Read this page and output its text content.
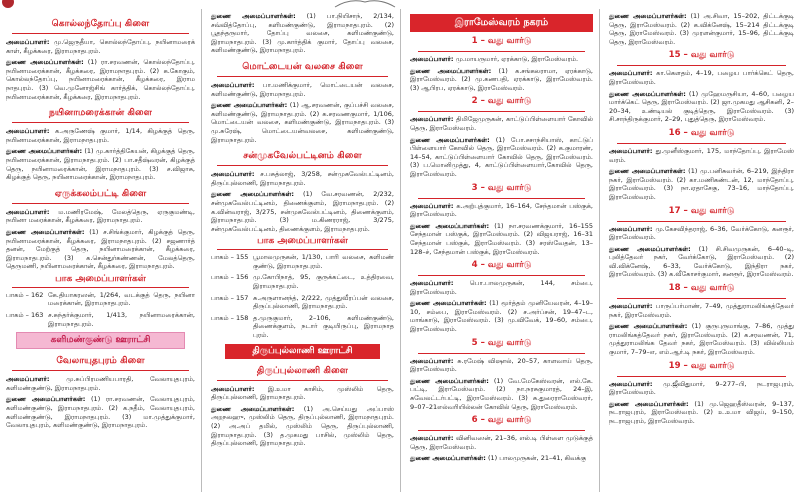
கொல்லந்தோப்பு கிளை

அமைப்பாளர்: மு.ஜெருதீயா, கொல்லந்தோப்பு, நயினாமரைக் காள், கீழக்கரை, இராமநாதபுரம்.

துணை அமைப்பாளர்கள்: (1) ரா.சரவணன், கொல்லந்தோப்பு, நயினாமரைக்கான், கீழக்கரை, இராமநாதபுரம். (2) க.கோகும், கொல்லந்தோப்பு, நயினாமரைக்கான், கீழக்கரை, இராம நாதபுரம். (3) வெ.முனோஜ்சிங் கார்த்திக், கொல்லந்தோப்பு, நயினாமரைக்கான், கீழக்கரை, இராமநாதபுரம்.

நயினாமரைக்கான் கிளை

அமைப்பாளர்: க.அருணேஷ் குமார், 1/14, கிழக்குத் தெரு, நயினாமரைக்கான், இராமநாதபுரம்.

துணை அமைப்பாளர்கள்: (1) மு.கார்த்திகேயன், கிழக்குத் தெரு, நயினாமரைக்கான், இராமநாதபுரம். (2) பா.சதீஷ்வரன், கிழக்குத் தெரு, நயினாமரைக்கான், இராமநாதபுரம். (3) ச.விஜாசு, கிழக்குத் தெரு, நயினாமரைக்கான், இராமநாதபுரம்.

ஏருக்கலம்பட்டி கிளை

அமைப்பாளர்: ம.மணிரமேஷ், மேலத்தெரு, ஏருகுமண்டி, நயினா மரைக்கான், கீழக்கரை, இராமநாதபுரம்.

துணை அமைப்பாளர்கள்: (1) ச.சிங்க்குமார், கிழக்குத் தெரு, நயினாமரைக்கான், கீழக்கரை, இராமநாதபுரம். (2) சஜணார்த் தனன், மேற்குத் தெரு, நயினாமரைக்கான், கீழக்கரை, இராமநாதபுரம். (3) க.சென்துர்கண்ணன், மேலத்தெரு, தெருமணி, நயினாமரைக்கான், கீழக்கரை, இராமநாதபுரம்.

பாக அமைப்பாளர்கள்
பாகம் – 162 கே.தியாகரஸன், 1/264, வடக்குத் தெரு, நயினா மரைக்கான், இராமநாதபுரம்.
பாகம் – 163 ச.சுந்தர்க்குமார், 1/413, நயினாமரைக்கான், இராமநாதபுரம்.
களிமண்குண்டு ஊராட்சி
வேலாயுதபுரம் கிளை

அமைப்பாளர்: மு.சுப்பிரமணியபாரதி, வேலாயுதபுரம், களிமண்குண்டு, இராமநாதபுரம்.

துணை அமைப்பாளர்கள்: (1) ரா.சரவணன், வேலாயுதபுரம், களிமண்குண்டு, இராமநாதபுரம். (2) க.நதீம், வேலாயுதபுரம், களிமண்குண்டு, இராமநாதபுரம். (3) மா.முத்துக்குமார், வேலாயுதபுரம், களிமண்குண்டு, இராமநாதபுரம்.

துணை அமைப்பாளர்கள்: (1) பா.நியிசாந், 2/134, சவ்வித்தோப்பு, களிமண்குண்டு, இராமநாதபுரம். (2) பூதந்தருமார், தோப்பு வலசை, களிமண்குண்டு, இராமநாதபுரம். (3) மு.கார்த்திக் குமார், தோப்பு வலசை, களிமண்குண்டு, இராமநாதபுரம்.

மொட்டையன் வலசை கிளை

அமைப்பாளர்: பா.மணிக்குமார், மொட்டையன் வலசை, களிமண்குண்டு, இராமநாதபுரம்.

துணை அமைப்பாளர்கள்: (1) ஆ.சரவணன், குப்பச்சி வலசை, களிமண்குண்டு, இராமநாதபுரம். (2) க.சரவணகுமார், 1/106, மொட்டையன் வலசை, களிமண்குண்டு, இராமநாதபுரம். (3) மு.சுரேஷ், மொட்டையன்வலசை, களிமண்குண்டு, இராமநாதபுரம்.

சன்முகவேல்பட்டினம் கிளை

அமைப்பாளர்: ச.பசுத்லாஜ், 3/258, சன்முகவேல்பட்டினம், திருப்புல்லாணி, இராமநாதபுரம்.

துணை அமைப்பாளர்கள்: (1) வே.சரவணன், 2/232, சன்முகவேல்பட்டினம், திணைக்குளம், இராமநாதபுரம். (2) க.வின்வராஜ், 3/275, சன்முகவேல்பட்டினம், திணைக்குளம், இராமநாதபுரம். (3) ம.கிணரராஜ், 3/275, சன்முகவேல்பட்டினம், திணைக்குளம், இராமநாதபுரம்.

பாக அமைப்பாளர்கள்
பாகம் – 155 பூமாலமுருகன், 1/130, பாரி வலசை, களிமண் குண்டு, இராமநாதபுரம்.
பாகம் – 156 மு.கோபிநாத், 95, குருக்கட்டை, உத்திரவை, இராமநாதபுரம்.
பாகம் – 157 சு.அருளானந்த், 2/222, முத்துவீரப்பன் வலசை, திருப்புல்லாணி, இராமநாதபுரம்.
பாகம் – 158 த.முருகுமார், 2–106, களிமண்குண்டு, திணைக்குளம், நடார் குடியிருப்பு, இராமநாத புரம்.
திருப்புல்லாணி ஊராட்சி
திருப்புல்லாணி கிளை

அமைப்பாளர்: இ.உமா காசிம், முஸ்லிம் தெரு, திருப்புல்லாணி, இராமநாதபுரம்.

துணை அமைப்பாளர்கள்: (1) அ.செய்யது அப்பாஸ் அறநலஹு, முஸ்லிம் தெரு, திருப்புல்லாணி, இராமநாதபுரம். (2) அ.அப் தமில், முஸ்லிம் தெரு, திருப்புல்லாணி, இராமநாதபுரம். (3) த.முகமது பாசில், முஸ்லிம் தெரு, திருப்புல்லாணி, இராமநாதபுரம்.

இராமேஸ்வரம் நகரம்
1 – வது வார்டு

அமைப்பாளர்: மு.மாயருமார், ஏரக்காடு, இராமேஸ்வரம்.

துணை அமைப்பாளர்கள்: (1) க.சங்கலராமா, ஏரக்காடு, இராமேஸ்வரம். (2) மு.கணபதி, ஏரக்காடு, இராமேஸ்வரம். (3) ஆபிரப, ஏரக்காடு, இராமேஸ்வரம்.

2 – வது வார்டு

அமைப்பாளர்: திமிஜேமுருகன், காட்டுப்பிள்ளையார் கோவில் தெரு, இராமேஸ்வரம்.

துணை அமைப்பாளர்கள்: (1) போ.சசாந்சியாஸ், காட்டுப் பிள்ளையார் கோவில் தெரு, இராமேஸ்வரம். (2) க.குமாரண், 14–54, காட்டுப்பிள்ளையார் கோவில் தெரு, இராமேஸ்வரம். (3) ப.மொனிமுத்து, 4, காட்டுப்பிள்ளையார்,கோவில் தெரு, இராமேஸ்வரம்.

3 – வது வார்டு

அமைப்பாளர்: க.அற்புத்குமார், 16–164, சேந்தமான் பஸ்குக், இராமேஸ்வரம்.

துணை அமைப்பாளர்கள்: (1) நா.சரவணக்குமார், 16–155 சேந்தமான் பஸ்குக், இராமேஸ்வரம். (2) விஜயராஜ், 16–31 சேந்தமான் பஸ்குக், இராமேஸ்வரம். (3) சரஸ்வேதன், 13–128–ச், சேந்தமான் பஸ்குக், இராமேஸ்வரம்.

4 – வது வார்டு

அமைப்பாளர்: பொ.பாலமுருகன், 144, சம்பை, இராமேஸ்வரம்.

துணை அமைப்பாளர்கள்: (1) மூர்த்தம் முனியேவரன், 4–19–10, சம்பை, இராமேஸ்வரம். (2) ச.அர்ப்சன், 19–47–ட, மாங்காடு, இராமேஸ்வரம். (3) மு.விவேக், 19–60, சம்பை, இராமேஸ்வரம்.

5 – வது வார்டு

அமைப்பாளர்: சு.ரமேஷ் விஷால், 20–57, காளவாய் தெரு, இராமேஸ்வரம்.

துணை அமைப்பாளர்கள்: (1) வே.மேகேஸ்வரன், எல்.கே. பட்டி, இராமேஸ்வரம். (2) நா.நரசுகுமாரத், 24–இ, சுவேலட்டர்பட்டி, இராமேஸ்வரம். (3) சு.துரைராமேஸ்வரர், 9–07–21எல்வரியில்லன் கோவில் தெரு, இராமேஸ்வரம்.

6 – வது வார்டு

அமைப்பாளர்: வினிவஸன், 21–36, எல்.டி பிள்ளை முடுக்குத் தெரு, இராமேஸ்வரம்.

துணை அமைப்பாளர்கள்: (1) பாலமுருகன், 21–41, கிவக்கு

துணை அமைப்பாளர்கள்: (1) அ.சிவா, 15–202, திட்டக்குடி தெரு, இராமேஸ்வரம். (2) க.விக்னேஷ், 15–214 திட்டக்குடி தெரு, இராமேஸ்வரம். (3) முரளன்குமார், 15–96, திட்டக்குடி தெரு, இராமேஸ்வரம்.

15 – வது வார்டு

அமைப்பாளர்: கா.கௌதம், 4–19, பழைய பார்க்கெட் தெரு, இராமேஸ்வரம்.

துணை அமைப்பாளர்கள்: (1) முஹேமருசியா, 4–60, பழைய மார்க்கெட் தெரு, இராமேஸ்வரம். (2) ஜா.முகமது ஆசிகனி, 2–20–34, உண்டியல் குடித்தெரு, இராமேஸ்வரம். (3) சி.சாந்திருக்குமார், 2–29, புதுத்தெரு, இராமேஸ்வரம்.

16 – வது வார்டு

அமைப்பாளர்: து.முனீஸ்குமார், 175, மாந்தோப்பு, இராமேஸ் வரம்.

துணை அமைப்பாளர்கள்: (1) மு.பனிசுவர்ன், 6–219, இந்திரா நகர், இராமேஸ்வரம். (2) கா.மணிகண்டன், 12, மாந்தோப்பு, இராமேஸ்வரம். (3) நா.ஏதாசேகு, 73–16, மாந்தோப்பு, இராமேஸ்வரம்.

17 – வது வார்டு

அமைப்பாளர்: மு.கேசவிந்தராஜ், 6–36, வேர்க்கோடு, கனரூர், இராமேஸ்வரம்.

துணை அமைப்பாளர்கள்: (1) சி.சிவமுருகன், 6–40–டி, புலித்தேவர் நகர், வேர்க்கோடு, இராமேஸ்வரம். (2) வி.விக்னேஷ், 6–33, வேர்க்கோடு, இந்திரா நகர், இராமேஸ்வரம். (3) க.வீகோசர்குமார், கனரூர், இராமேஸ்வரம்.

18 – வது வார்டு

அமைப்பாளர்: பாருப்பர்மாண், 7–49, முத்துராமலிங்கத்தேவர் நகர், இராமேஸ்வரம்.

துணை அமைப்பாளர்கள்: (1) குருபுருமாங்கு, 7–86, முத்து ராமலிங்கத்தேவர் நகர், இராமேஸ்வரம். (2) க.சரவணன், 71, முத்துராமலிங்க தேவர் நகர், இராமேஸ்வரம். (3) வில்லியம் குமார், 7–79–எ, எம்.ஆர்.டி நகர், இராமேஸ்வரம்.

19 – வது வார்டு

அமைப்பாளர்: மு.ஜீவிதுமார், 9–277–பி, நடராஜபுரம், இராமேஸ்வரம்.

துணை அமைப்பாளர்கள்: (1) மு.ஜெஹதீஸ்வரன், 9–137, நடராஜபுரம், இராமேஸ்வரம். (2) உ.உமா விஜய், 9–150, நடராஜபுரம், இராமேஸ்வரம்.
